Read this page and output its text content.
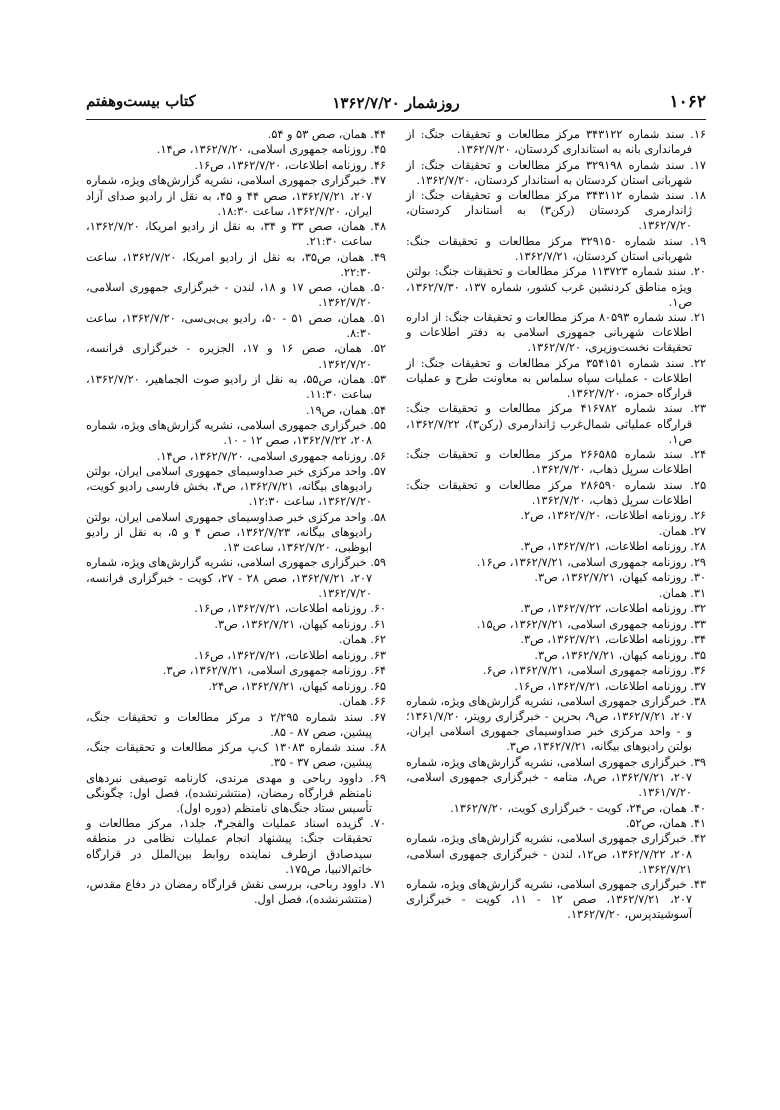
۱۰۶۲
روزشمار ۱۳۶۲/۷/۲۰
کتاب بیست‌وهفتم

۱۶. سند شماره ۳۴۳۱۲۲ مرکز مطالعات و تحقیقات جنگ: از فرمانداری بانه به استانداری کردستان، ۱۳۶۲/۷/۲۰.

۱۷. سند شماره ۳۲۹۱۹۸ مرکز مطالعات و تحقیقات جنگ: از شهربانی استان کردستان به استاندار کردستان، ۱۳۶۲/۷/۲۰.

۱۸. سند شماره ۳۴۳۱۱۲ مرکز مطالعات و تحقیقات جنگ: از ژاندارمری کردستان (رکن۳) به استاندار کردستان، ۱۳۶۲/۷/۲۰.

۱۹. سند شماره ۳۲۹۱۵۰ مرکز مطالعات و تحقیقات جنگ: شهربانی استان کردستان، ۱۳۶۲/۷/۲۱.

۲۰. سند شماره ۱۱۳۷۲۳ مرکز مطالعات و تحقیقات جنگ: بولتن ویژه مناطق کردنشین غرب کشور، شماره ۱۳۷، ۱۳۶۲/۷/۳۰، ص۱.

۲۱. سند شماره ۸۰۵۹۳ مرکز مطالعات و تحقیقات جنگ: از اداره اطلاعات شهربانی جمهوری اسلامی به دفتر اطلاعات و تحقیقات نخست‌وزیری، ۱۳۶۲/۷/۲۰.

۲۲. سند شماره ۳۵۴۱۵۱ مرکز مطالعات و تحقیقات جنگ: از اطلاعات - عملیات سپاه سلماس به معاونت طرح و عملیات قرارگاه حمزه، ۱۳۶۲/۷/۲۰.

۲۳. سند شماره ۴۱۶۷۸۲ مرکز مطالعات و تحقیقات جنگ: قرارگاه عملیاتی شمال‌غرب ژاندارمری (رکن۳)، ۱۳۶۲/۷/۲۲، ص۱.

۲۴. سند شماره ۲۶۶۵۸۵ مرکز مطالعات و تحقیقات جنگ: اطلاعات سرپل ذهاب، ۱۳۶۲/۷/۲۰.

۲۵. سند شماره ۲۸۶۵۹۰ مرکز مطالعات و تحقیقات جنگ: اطلاعات سرپل ذهاب، ۱۳۶۲/۷/۲۰.

۲۶. روزنامه اطلاعات، ۱۳۶۲/۷/۲۰، ص۲.

۲۷. همان.

۲۸. روزنامه اطلاعات، ۱۳۶۲/۷/۲۱، ص۳.

۲۹. روزنامه جمهوری اسلامی، ۱۳۶۲/۷/۲۱، ص۱۶.

۳۰. روزنامه کیهان، ۱۳۶۲/۷/۲۱، ص۳.

۳۱. همان.

۳۲. روزنامه اطلاعات، ۱۳۶۲/۷/۲۲، ص۳.

۳۳. روزنامه جمهوری اسلامی، ۱۳۶۲/۷/۲۱، ص۱۵.

۳۴. روزنامه اطلاعات، ۱۳۶۲/۷/۲۱، ص۳.

۳۵. روزنامه کیهان، ۱۳۶۲/۷/۲۱، ص۳.

۳۶. روزنامه جمهوری اسلامی، ۱۳۶۲/۷/۲۱، ص۶.

۳۷. روزنامه اطلاعات، ۱۳۶۲/۷/۲۱، ص۱۶.

۳۸. خبرگزاری جمهوری اسلامی، نشریه گزارش‌های ویژه، شماره ۲۰۷، ۱۳۶۲/۷/۲۱، ص۹، بحرین - خبرگزاری رویتر، ۱۳۶۱/۷/۲۰؛ و - واحد مرکزی خبر صداوسیمای جمهوری اسلامی ایران، بولتن رادیوهای بیگانه، ۱۳۶۲/۷/۲۱، ص۳.

۳۹. خبرگزاری جمهوری اسلامی، نشریه گزارش‌های ویژه، شماره ۲۰۷، ۱۳۶۲/۷/۲۱، ص۸، منامه - خبرگزاری جمهوری اسلامی، ۱۳۶۱/۷/۲۰.

۴۰. همان، ص۲۴، کویت - خبرگزاری کویت، ۱۳۶۲/۷/۲۰.

۴۱. همان، ص۵۲.

۴۲. خبرگزاری جمهوری اسلامی، نشریه گزارش‌های ویژه، شماره ۲۰۸، ۱۳۶۲/۷/۲۲، ص۱۲، لندن - خبرگزاری جمهوری اسلامی، ۱۳۶۲/۷/۲۱.

۴۳. خبرگزاری جمهوری اسلامی، نشریه گزارش‌های ویژه، شماره ۲۰۷، ۱۳۶۲/۷/۲۱، صص ۱۲ - ۱۱، کویت - خبرگزاری آسوشیتدپرس، ۱۳۶۲/۷/۲۰.

۴۴. همان، صص ۵۳ و ۵۴.

۴۵. روزنامه جمهوری اسلامی، ۱۳۶۲/۷/۲۰، ص۱۴.

۴۶. روزنامه اطلاعات، ۱۳۶۲/۷/۲۰، ص۱۶.

۴۷. خبرگزاری جمهوری اسلامی، نشریه گزارش‌های ویژه، شماره ۲۰۷، ۱۳۶۲/۷/۲۱، صص ۴۴ و ۴۵، به نقل از رادیو صدای آزاد ایران، ۱۳۶۲/۷/۲۰، ساعت ۱۸:۳۰.

۴۸. همان، صص ۳۳ و ۳۴، به نقل از رادیو امریکا، ۱۳۶۲/۷/۲۰، ساعت ۲۱:۳۰.

۴۹. همان، ص۳۵، به نقل از رادیو امریکا، ۱۳۶۲/۷/۲۰، ساعت ۲۲:۳۰.

۵۰. همان، صص ۱۷ و ۱۸، لندن - خبرگزاری جمهوری اسلامی، ۱۳۶۲/۷/۲۰.

۵۱. همان، صص ۵۱ - ۵۰، رادیو بی‌بی‌سی، ۱۳۶۲/۷/۲۰، ساعت ۸:۳۰.

۵۲. همان، صص ۱۶ و ۱۷، الجزیره - خبرگزاری فرانسه، ۱۳۶۲/۷/۲۰.

۵۳. همان، ص۵۵، به نقل از رادیو صوت الجماهیر، ۱۳۶۲/۷/۲۰، ساعت ۱۱:۳۰.

۵۴. همان، ص۱۹.

۵۵. خبرگزاری جمهوری اسلامی، نشریه گزارش‌های ویژه، شماره ۲۰۸، ۱۳۶۲/۷/۲۲، صص ۱۲ - ۱۰.

۵۶. روزنامه جمهوری اسلامی، ۱۳۶۲/۷/۲۰، ص۱۴.

۵۷. واحد مرکزی خبر صداوسیمای جمهوری اسلامی ایران، بولتن رادیوهای بیگانه، ۱۳۶۲/۷/۲۱، ص۴، بخش فارسی رادیو کویت، ۱۳۶۲/۷/۲۰، ساعت ۱۲:۳۰.

۵۸. واحد مرکزی خبر صداوسیمای جمهوری اسلامی ایران، بولتن رادیوهای بیگانه، ۱۳۶۲/۷/۲۳، صص ۴ و ۵، به نقل از رادیو ابوظبی، ۱۳۶۲/۷/۲۰، ساعت ۱۳.

۵۹. خبرگزاری جمهوری اسلامی، نشریه گزارش‌های ویژه، شماره ۲۰۷، ۱۳۶۲/۷/۲۱، صص ۲۸ - ۲۷، کویت - خبرگزاری فرانسه، ۱۳۶۲/۷/۲۰.

۶۰. روزنامه اطلاعات، ۱۳۶۲/۷/۲۱، ص۱۶.

۶۱. روزنامه کیهان، ۱۳۶۲/۷/۲۱، ص۳.

۶۲. همان.

۶۳. روزنامه اطلاعات، ۱۳۶۲/۷/۲۱، ص۱۶.

۶۴. روزنامه جمهوری اسلامی، ۱۳۶۲/۷/۲۱، ص۳.

۶۵. روزنامه کیهان، ۱۳۶۲/۷/۲۱، ص۲۴.

۶۶. همان.

۶۷. سند شماره ۲/۲۹۵ د مرکز مطالعات و تحقیقات جنگ، پیشین، صص ۸۷ - ۸۵.

۶۸. سند شماره ۱۳۰۸۳ ک‌پ مرکز مطالعات و تحقیقات جنگ، پیشین، صص ۳۷ - ۳۵.

۶۹. داوود رباحی و مهدی مرندی، کارنامه توصیفی نبردهای نامنظم قرارگاه رمضان، (منتشرنشده)، فصل اول: چگونگی تأسیس ستاد جنگ‌های نامنظم (دوره اول).

۷۰. گزیده اسناد عملیات والفجر۴، جلد۱، مرکز مطالعات و تحقیقات جنگ: پیشنهاد انجام عملیات نظامی در منطقه سیدصادق ازطرف نماینده روابط بین‌الملل در قرارگاه خاتم‌الانبیا، ص۱۷۵.

۷۱. داوود رباحی، بررسی نقش قرارگاه رمضان در دفاع مقدس، (منتشرنشده)، فصل اول.
